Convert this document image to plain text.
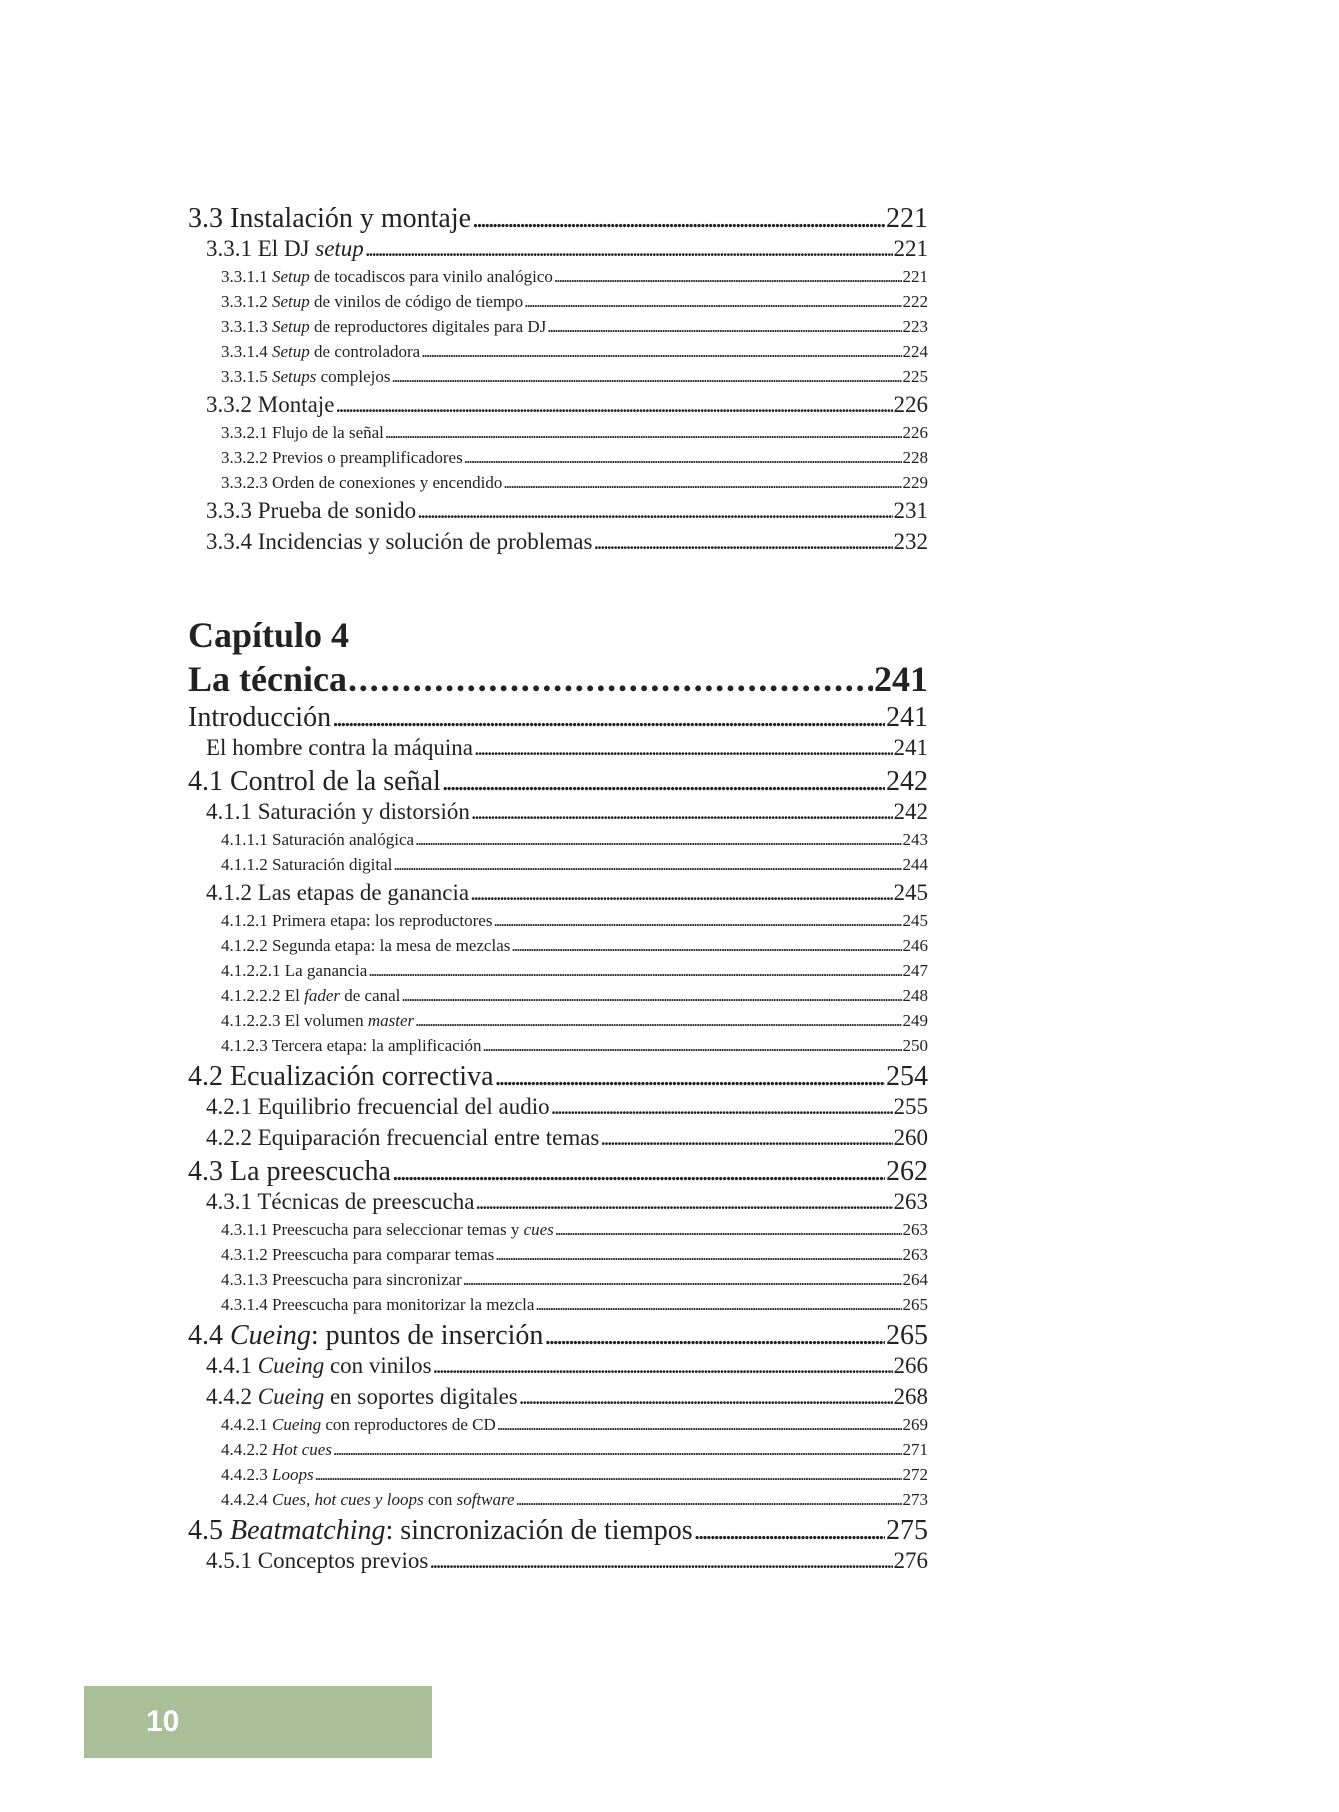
3.3 Instalación y montaje . . .	221
3.3.1 El DJ setup . . .	221
3.3.1.1 Setup de tocadiscos para vinilo analógico . . .	221
3.3.1.2 Setup de vinilos de código de tiempo . . .	222
3.3.1.3 Setup de reproductores digitales para DJ . . .	223
3.3.1.4 Setup de controladora . . .	224
3.3.1.5 Setups complejos . . .	225
3.3.2 Montaje . . .	226
3.3.2.1 Flujo de la señal . . .	226
3.3.2.2 Previos o preamplificadores . . .	228
3.3.2.3 Orden de conexiones y encendido . . .	229
3.3.3 Prueba de sonido . . .	231
3.3.4 Incidencias y solución de problemas . . .	232
Capítulo 4
La técnica . . .	241
Introducción . . .	241
El hombre contra la máquina . . .	241
4.1 Control de la señal . . .	242
4.1.1 Saturación y distorsión . . .	242
4.1.1.1 Saturación analógica . . .	243
4.1.1.2 Saturación digital . . .	244
4.1.2 Las etapas de ganancia . . .	245
4.1.2.1 Primera etapa: los reproductores . . .	245
4.1.2.2 Segunda etapa: la mesa de mezclas . . .	246
4.1.2.2.1 La ganancia . . .	247
4.1.2.2.2 El fader de canal . . .	248
4.1.2.2.3 El volumen master . . .	249
4.1.2.3 Tercera etapa: la amplificación . . .	250
4.2 Ecualización correctiva . . .	254
4.2.1 Equilibrio frecuencial del audio . . .	255
4.2.2 Equiparación frecuencial entre temas . . .	260
4.3 La preescucha . . .	262
4.3.1 Técnicas de preescucha . . .	263
4.3.1.1 Preescucha para seleccionar temas y cues . . .	263
4.3.1.2 Preescucha para comparar temas . . .	263
4.3.1.3 Preescucha para sincronizar . . .	264
4.3.1.4 Preescucha para monitorizar la mezcla . . .	265
4.4 Cueing: puntos de inserción . . .	265
4.4.1 Cueing con vinilos . . .	266
4.4.2 Cueing en soportes digitales . . .	268
4.4.2.1 Cueing con reproductores de CD . . .	269
4.4.2.2 Hot cues . . .	271
4.4.2.3 Loops . . .	272
4.4.2.4 Cues, hot cues y loops con software . . .	273
4.5 Beatmatching: sincronización de tiempos . . .	275
4.5.1 Conceptos previos . . .	276
10
